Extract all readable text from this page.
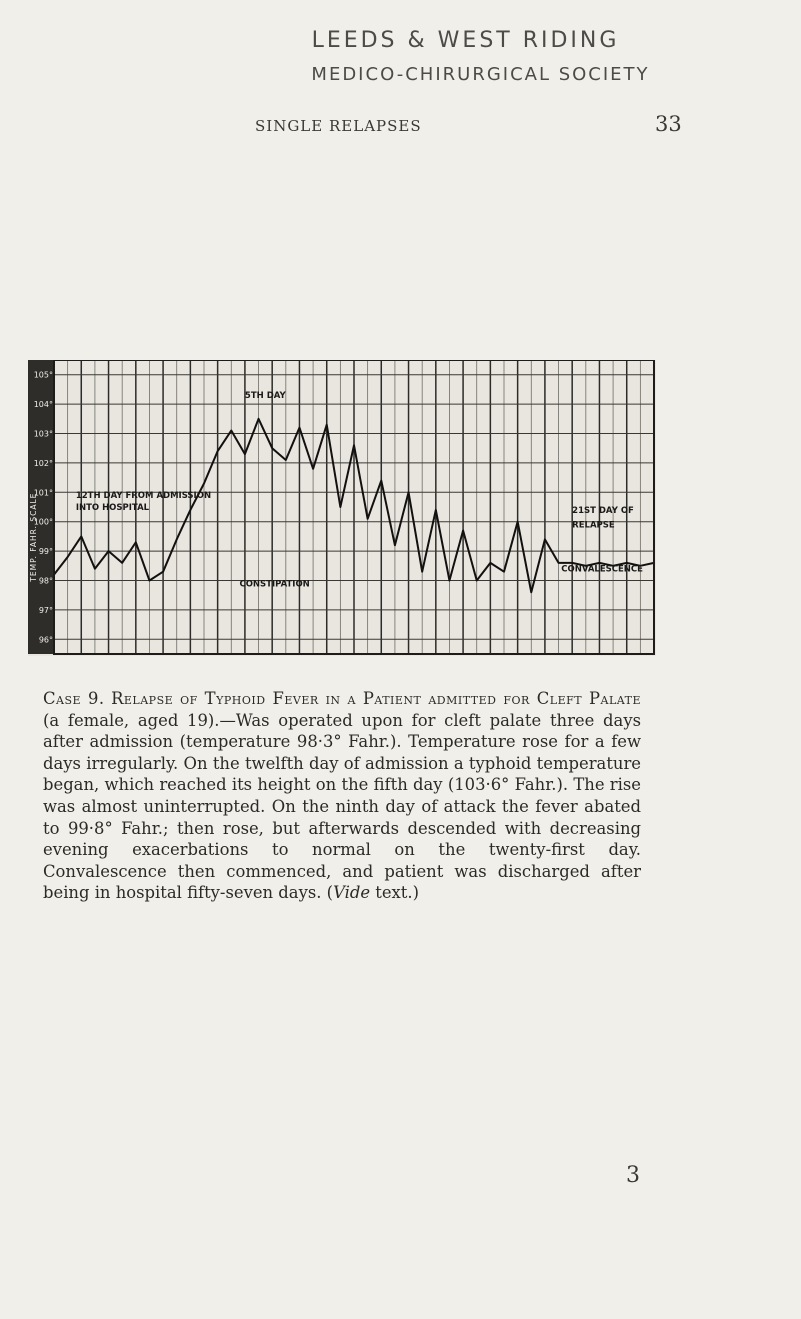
LEEDS & WEST RIDING
MEDICO-CHIRURGICAL SOCIETY
SINGLE RELAPSES	33
105°
104°
103°
102°
101°
100°
99°
98°
97°
96°
TEMP. FAHR. SCALE	12TH DAY FROM ADMISSION
INTO HOSPITAL
5TH DAY
CONSTIPATION
21ST DAY OF
RELAPSE
CONVALESCENCE
Case 9. Relapse of Typhoid Fever in a Patient admitted for Cleft Palate (a female, aged 19).—Was operated upon for cleft palate three days after admission (temperature 98·3° Fahr.). Temperature rose for a few days irregularly. On the twelfth day of admission a typhoid temperature began, which reached its height on the fifth day (103·6° Fahr.). The rise was almost uninterrupted. On the ninth day of attack the fever abated to 99·8° Fahr.; then rose, but afterwards descended with decreasing evening exacerbations to normal on the twenty-first day. Convalescence then commenced, and patient was discharged after being in hospital fifty-seven days. (Vide text.)
3
